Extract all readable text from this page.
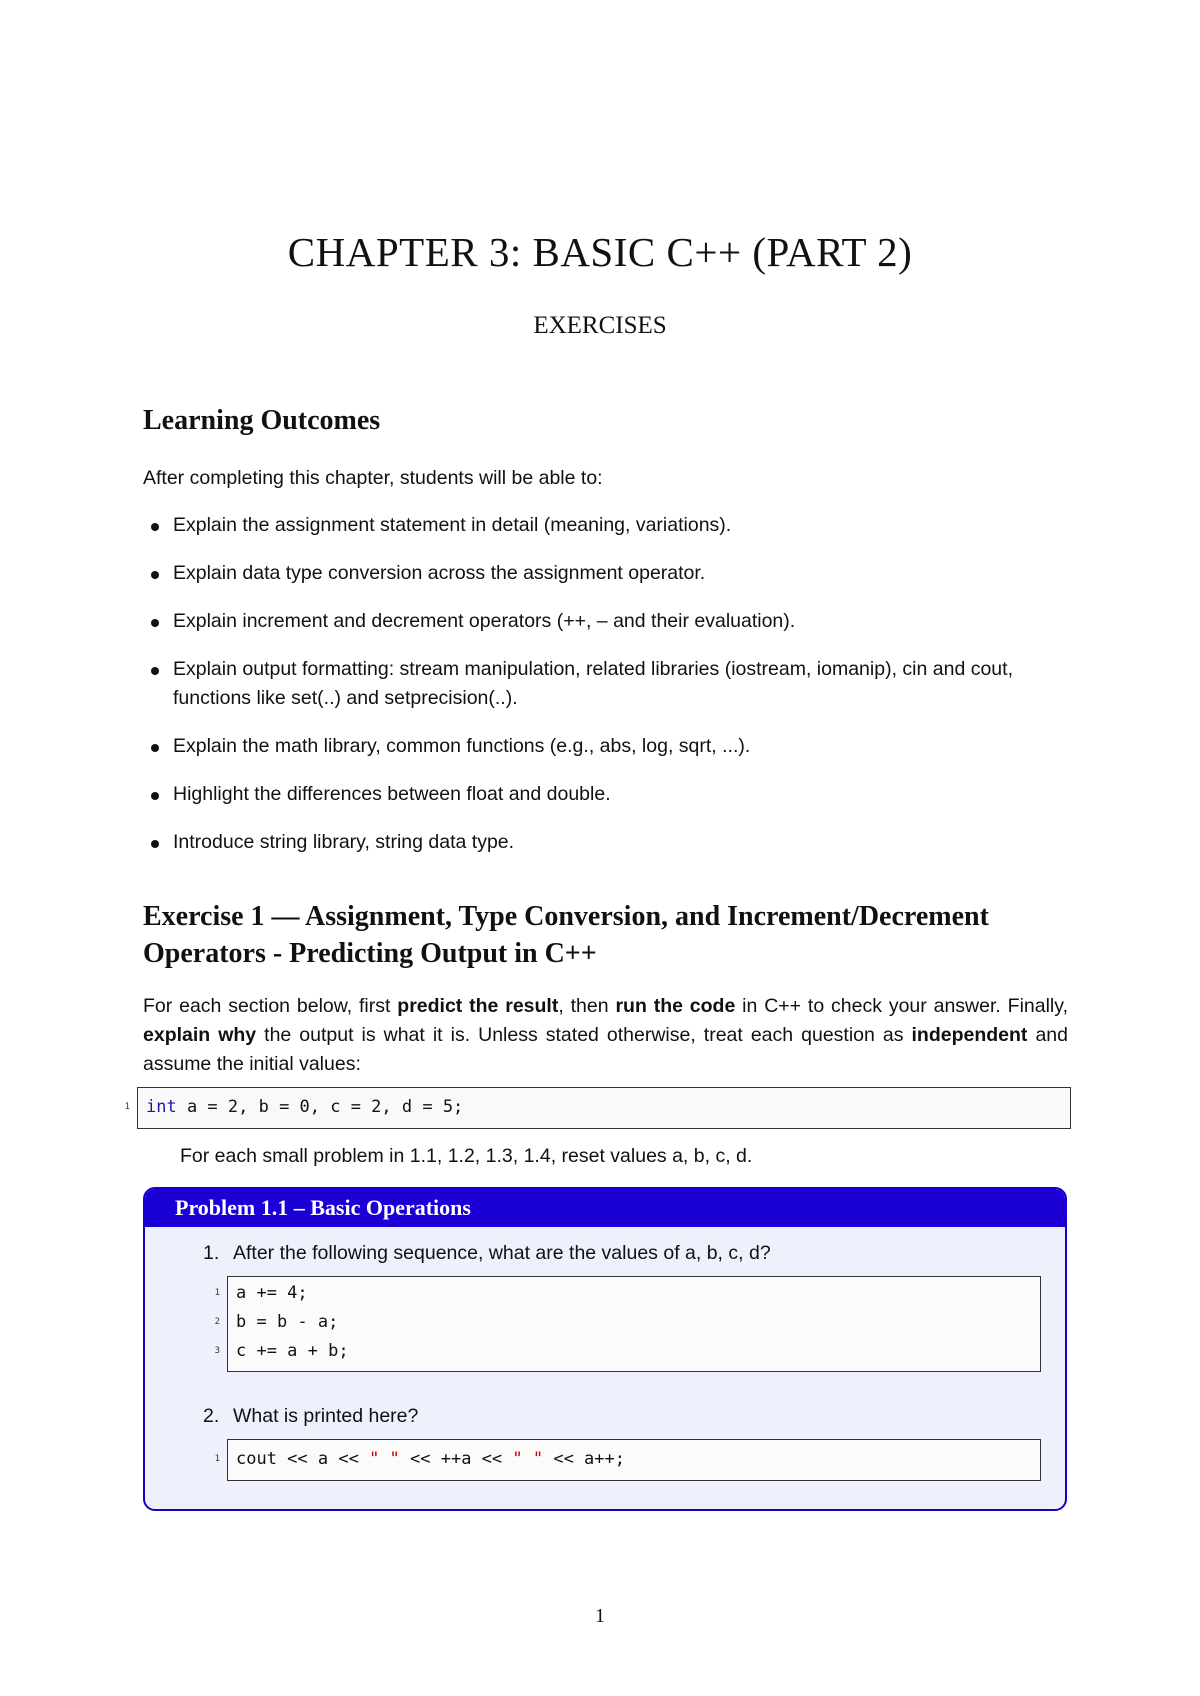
CHAPTER 3: BASIC C++ (PART 2)
EXERCISES
Learning Outcomes
After completing this chapter, students will be able to:
Explain the assignment statement in detail (meaning, variations).
Explain data type conversion across the assignment operator.
Explain increment and decrement operators (++, – and their evaluation).
Explain output formatting: stream manipulation, related libraries (iostream, iomanip), cin and cout, functions like set(..) and setprecision(..).
Explain the math library, common functions (e.g., abs, log, sqrt, ...).
Highlight the differences between float and double.
Introduce string library, string data type.
Exercise 1 — Assignment, Type Conversion, and Increment/Decrement Operators - Predicting Output in C++
For each section below, first predict the result, then run the code in C++ to check your answer. Finally, explain why the output is what it is. Unless stated otherwise, treat each question as independent and assume the initial values:
1 int a = 2, b = 0, c = 2, d = 5;
For each small problem in 1.1, 1.2, 1.3, 1.4, reset values a, b, c, d.
Problem 1.1 – Basic Operations
1. After the following sequence, what are the values of a, b, c, d?
1 a += 4;
2 b = b - a;
3 c += a + b;
2. What is printed here?
1 cout << a << " " << ++a << " " << a++;
1
